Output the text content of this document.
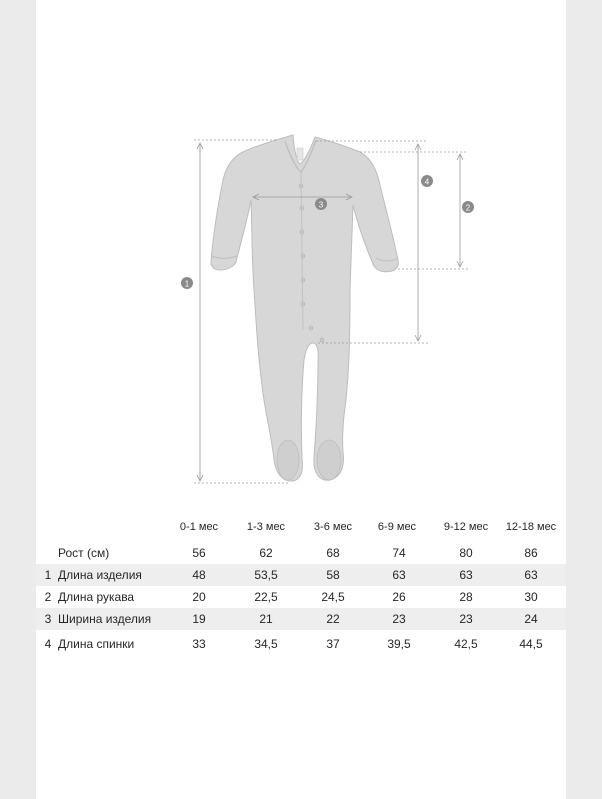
1
2
3
4
0-1 мес	1-3 мес	3-6 мес	6-9 мес	9-12 мес	12-18 мес
Рост (см)	56	62	68	74	80	86
1 Длина изделия	48	53,5	58	63	63	63
2 Длина рукава	20	22,5	24,5	26	28	30
3 Ширина изделия	19	21	22	23	23	24
4 Длина спинки	33	34,5	37	39,5	42,5	44,5
